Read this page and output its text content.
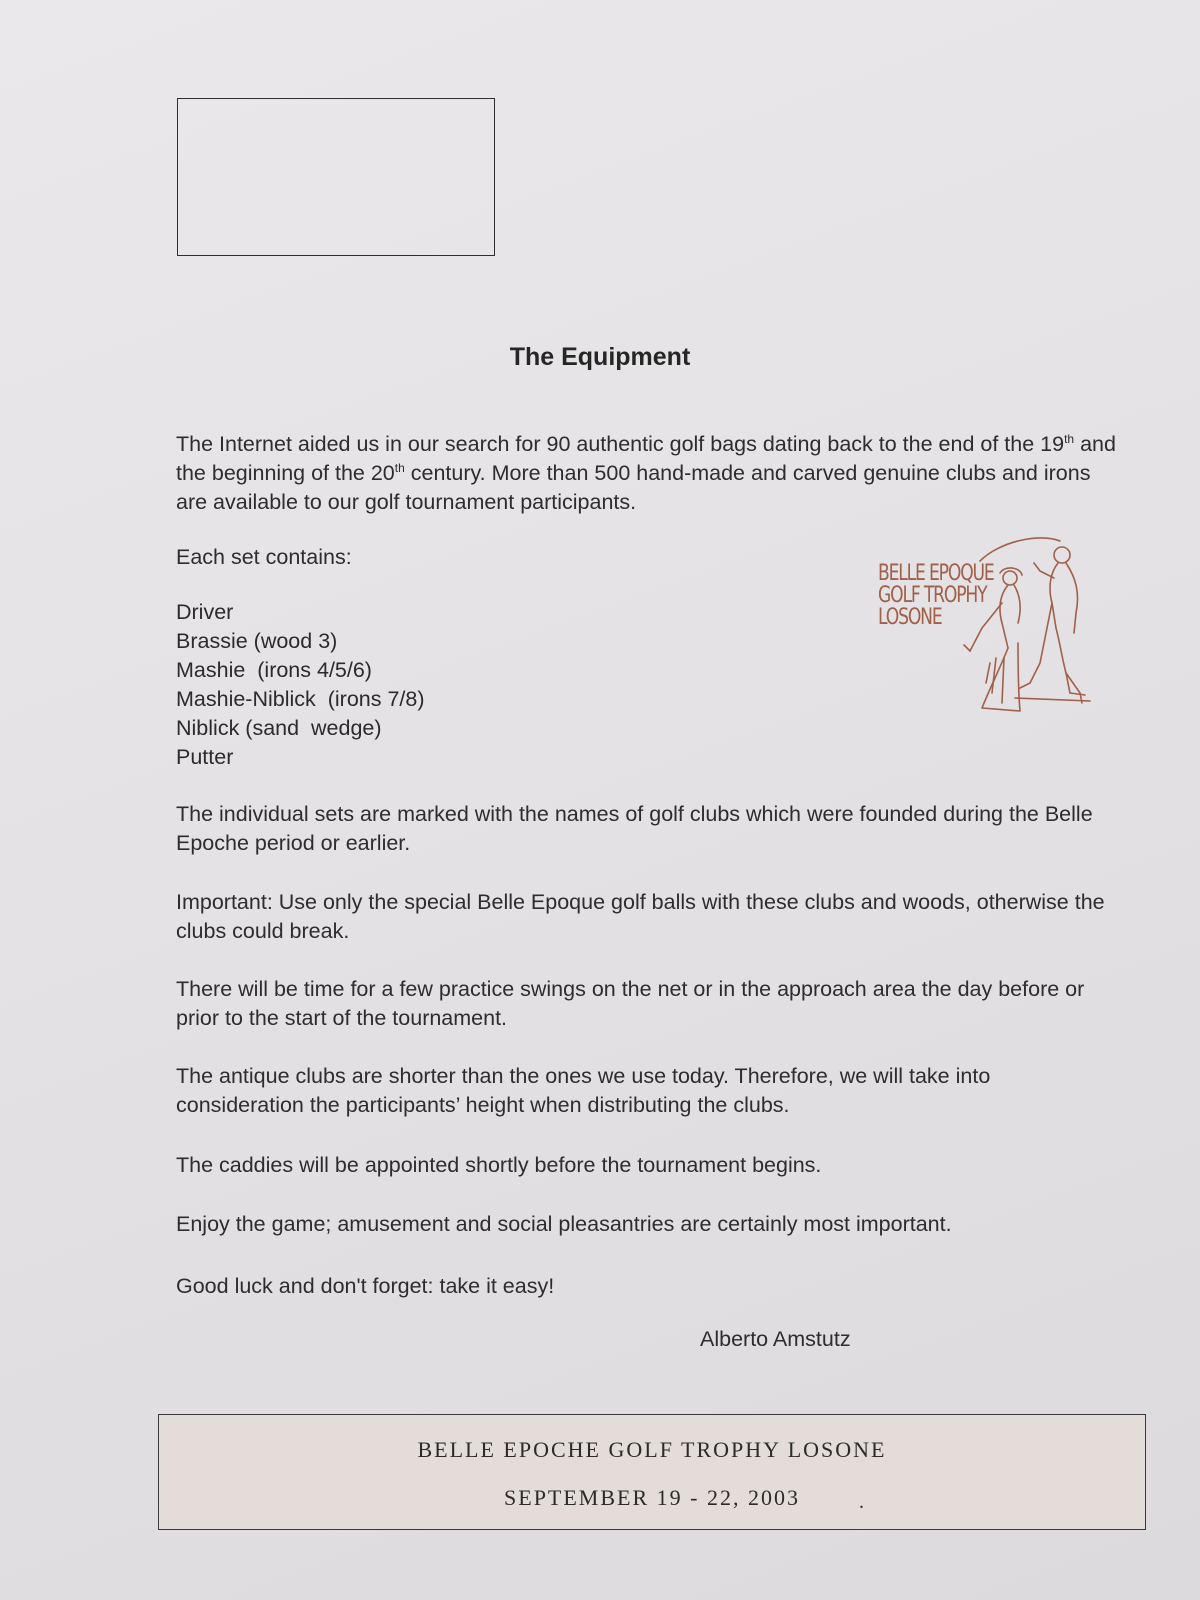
The Equipment

The Internet aided us in our search for 90 authentic golf bags dating back to the end of the 19th and the beginning of the 20th century. More than 500 hand-made and carved genuine clubs and irons are available to our golf tournament participants.

Each set contains:
Driver
Brassie (wood 3)
Mashie  (irons 4/5/6)
Mashie-Niblick  (irons 7/8)
Niblick (sand  wedge)
Putter
BELLE EPOQUE
GOLF TROPHY
LOSONE
The individual sets are marked with the names of golf clubs which were founded during the Belle Epoche period or earlier.
Important: Use only the special Belle Epoque golf balls with these clubs and woods, otherwise the clubs could break.
There will be time for a few practice swings on the net or in the approach area the day before or prior to the start of the tournament.
The antique clubs are shorter than the ones we use today. Therefore, we will take into consideration the participants’ height when distributing the clubs.
The caddies will be appointed shortly before the tournament begins.
Enjoy the game; amusement and social pleasantries are certainly most important.
Good luck and don't forget: take it easy!
Alberto Amstutz
BELLE EPOCHE GOLF TROPHY LOSONE
SEPTEMBER 19 - 22, 2003	.
